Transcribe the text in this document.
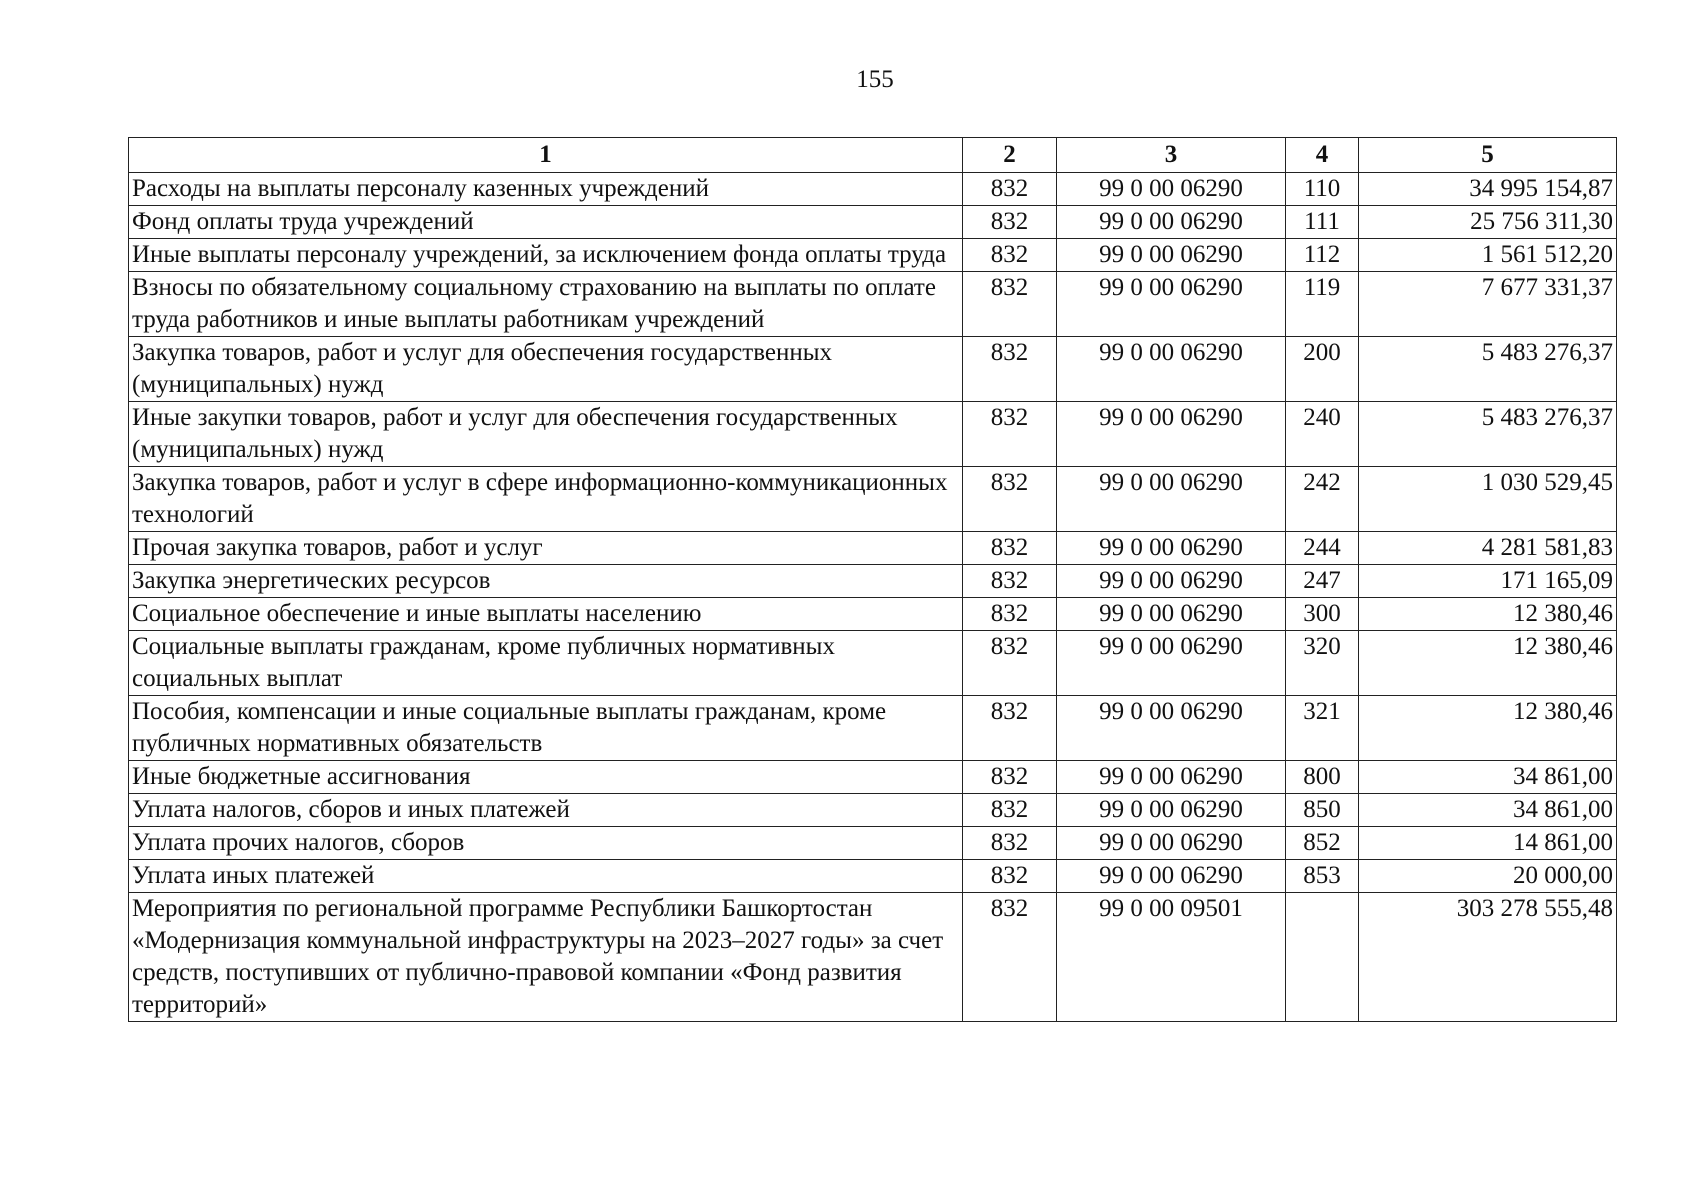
155
1	2	3	4	5
Расходы на выплаты персоналу казенных учреждений	832	99 0 00 06290	110	34 995 154,87
Фонд оплаты труда учреждений	832	99 0 00 06290	111	25 756 311,30
Иные выплаты персоналу учреждений, за исключением фонда оплаты труда	832	99 0 00 06290	112	1 561 512,20
Взносы по обязательному социальному страхованию на выплаты по оплате труда работников и иные выплаты работникам учреждений	832	99 0 00 06290	119	7 677 331,37
Закупка товаров, работ и услуг для обеспечения государственных (муниципальных) нужд	832	99 0 00 06290	200	5 483 276,37
Иные закупки товаров, работ и услуг для обеспечения государственных (муниципальных) нужд	832	99 0 00 06290	240	5 483 276,37
Закупка товаров, работ и услуг в сфере информационно-коммуникационных технологий	832	99 0 00 06290	242	1 030 529,45
Прочая закупка товаров, работ и услуг	832	99 0 00 06290	244	4 281 581,83
Закупка энергетических ресурсов	832	99 0 00 06290	247	171 165,09
Социальное обеспечение и иные выплаты населению	832	99 0 00 06290	300	12 380,46
Социальные выплаты гражданам, кроме публичных нормативных социальных выплат	832	99 0 00 06290	320	12 380,46
Пособия, компенсации и иные социальные выплаты гражданам, кроме публичных нормативных обязательств	832	99 0 00 06290	321	12 380,46
Иные бюджетные ассигнования	832	99 0 00 06290	800	34 861,00
Уплата налогов, сборов и иных платежей	832	99 0 00 06290	850	34 861,00
Уплата прочих налогов, сборов	832	99 0 00 06290	852	14 861,00
Уплата иных платежей	832	99 0 00 06290	853	20 000,00
Мероприятия по региональной программе Республики Башкортостан «Модернизация коммунальной инфраструктуры на 2023–2027 годы» за счет средств, поступивших от публично-правовой компании «Фонд развития территорий»	832	99 0 00 09501		303 278 555,48
